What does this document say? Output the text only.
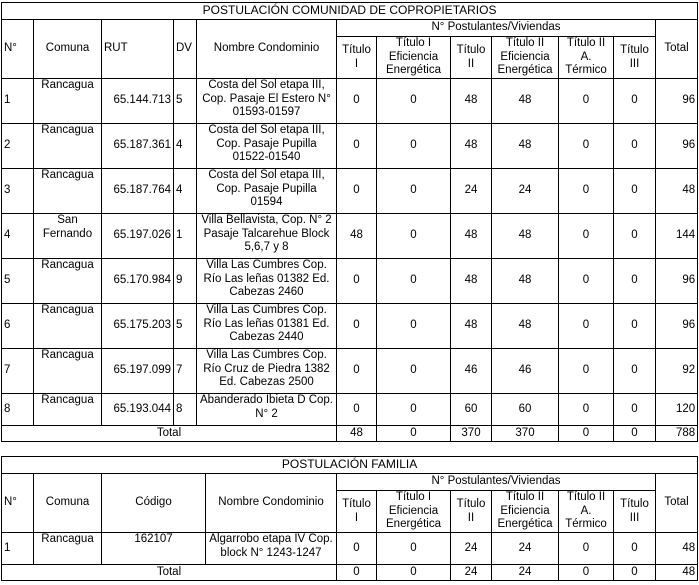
POSTULACIÓN COMUNIDAD DE COPROPIETARIOS											
N°	Comuna	RUT	DV	Nombre Condominio	N° Postulantes/Viviendas						Total
					Título I	Título I Eficiencia Energética	Título II	Título II Eficiencia Energética	Título II A. Térmico	Título III	
1	Rancagua	65.144.713	5	Costa del Sol etapa III, Cop. Pasaje El Estero N° 01593-01597	0	0	48	48	0	0	96
2	Rancagua	65.187.361	4	Costa del Sol etapa III, Cop. Pasaje Pupilla 01522-01540	0	0	48	48	0	0	96
3	Rancagua	65.187.764	4	Costa del Sol etapa III, Cop. Pasaje Pupilla 01594	0	0	24	24	0	0	48
4	San Fernando	65.197.026	1	Villa Bellavista, Cop. N° 2 Pasaje Talcarehue Block 5,6,7 y 8	48	0	48	48	0	0	144
5	Rancagua	65.170.984	9	Villa Las Cumbres Cop. Río Las leñas 01382 Ed. Cabezas 2460	0	0	48	48	0	0	96
6	Rancagua	65.175.203	5	Villa Las Cumbres Cop. Río Las leñas 01381 Ed. Cabezas 2440	0	0	48	48	0	0	96
7	Rancagua	65.197.099	7	Villa Las Cumbres Cop. Río Cruz de Piedra 1382 Ed. Cabezas 2500	0	0	46	46	0	0	92
8	Rancagua	65.193.044	8	Abanderado Ibieta D Cop. N° 2	0	0	60	60	0	0	120
Total					48	0	370	370	0	0	788
POSTULACIÓN FAMILIA										
N°	Comuna	Código	Nombre Condominio	N° Postulantes/Viviendas						Total
				Título I	Título I Eficiencia Energética	Título II	Título II Eficiencia Energética	Título II A. Térmico	Título III	
1	Rancagua	162107	Algarrobo etapa IV Cop. block N° 1243-1247	0	0	24	24	0	0	48
Total				0	0	24	24	0	0	48
